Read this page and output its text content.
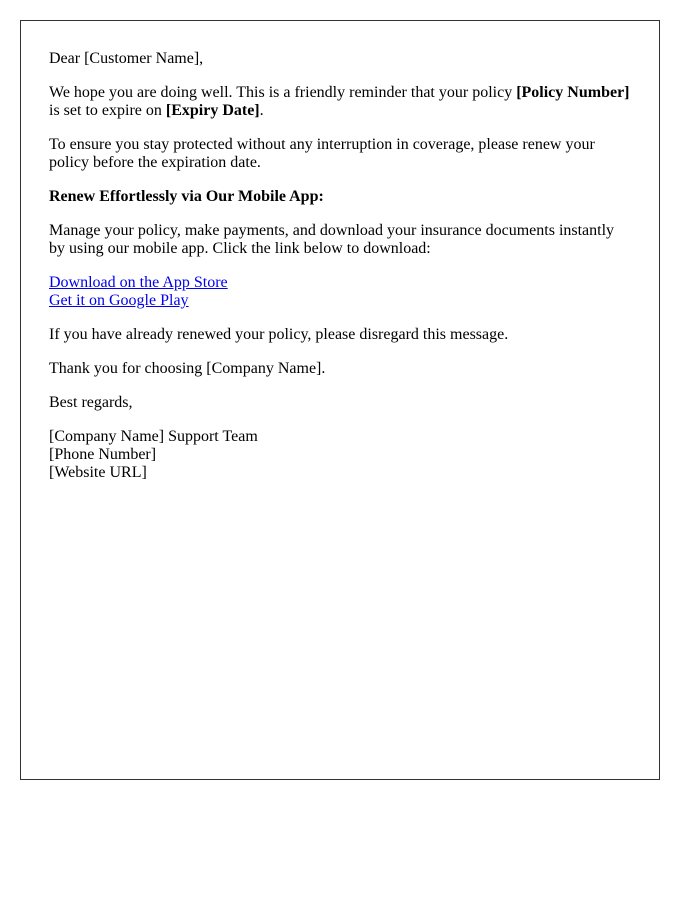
Dear [Customer Name],

We hope you are doing well. This is a friendly reminder that your policy [Policy Number] is set to expire on [Expiry Date].

To ensure you stay protected without any interruption in coverage, please renew your policy before the expiration date.

Renew Effortlessly via Our Mobile App:

Manage your policy, make payments, and download your insurance documents instantly by using our mobile app. Click the link below to download:

Download on the App Store
Get it on Google Play

If you have already renewed your policy, please disregard this message.

Thank you for choosing [Company Name].

Best regards,

[Company Name] Support Team
[Phone Number]
[Website URL]
